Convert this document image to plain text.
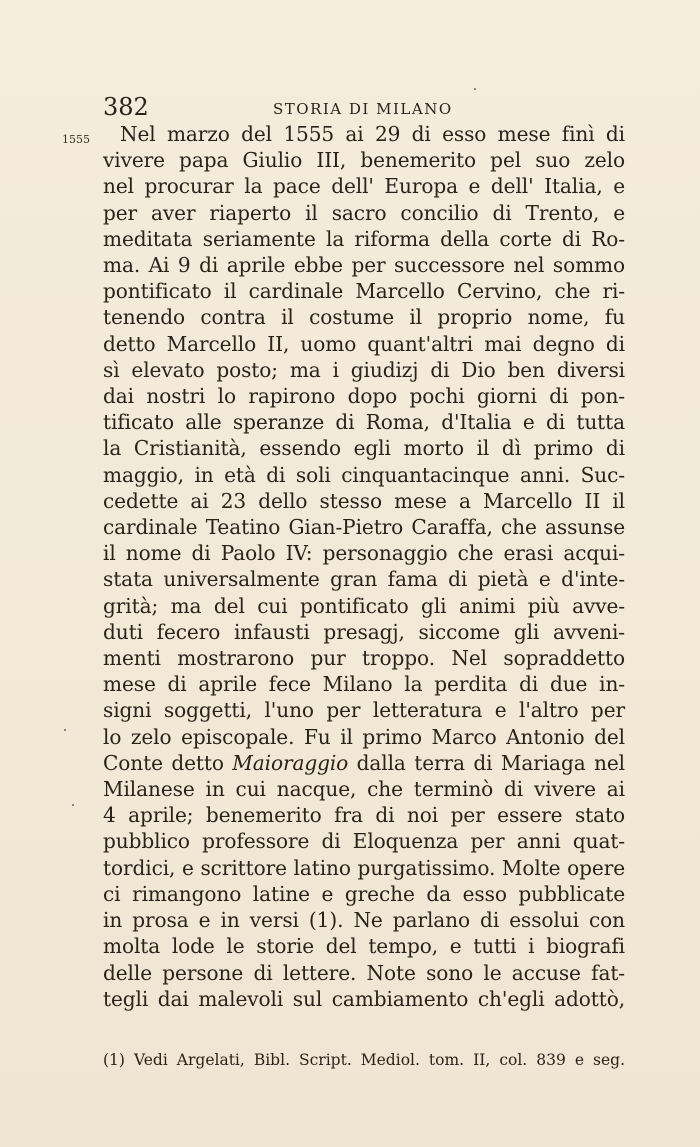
382	STORIA DI MILANO
1555	Nel marzo del 1555 ai 29 di esso mese finì di
vivere papa Giulio III, benemerito pel suo zelo
nel procurar la pace dell' Europa e dell' Italia, e
per aver riaperto il sacro concilio di Trento, e
meditata seriamente la riforma della corte di Ro-
ma. Ai 9 di aprile ebbe per successore nel sommo
pontificato il cardinale Marcello Cervino, che ri-
tenendo contra il costume il proprio nome, fu
detto Marcello II, uomo quant'altri mai degno di
sì elevato posto; ma i giudizj di Dio ben diversi
dai nostri lo rapirono dopo pochi giorni di pon-
tificato alle speranze di Roma, d'Italia e di tutta
la Cristianità, essendo egli morto il dì primo di
maggio, in età di soli cinquantacinque anni. Suc-
cedette ai 23 dello stesso mese a Marcello II il
cardinale Teatino Gian-Pietro Caraffa, che assunse
il nome di Paolo IV: personaggio che erasi acqui-
stata universalmente gran fama di pietà e d'inte-
grità; ma del cui pontificato gli animi più avve-
duti fecero infausti presagj, siccome gli avveni-
menti mostrarono pur troppo. Nel sopraddetto
mese di aprile fece Milano la perdita di due in-
signi soggetti, l'uno per letteratura e l'altro per
lo zelo episcopale. Fu il primo Marco Antonio del
Conte detto Maioraggio dalla terra di Mariaga nel
Milanese in cui nacque, che terminò di vivere ai
4 aprile; benemerito fra di noi per essere stato
pubblico professore di Eloquenza per anni quat-
tordici, e scrittore latino purgatissimo. Molte opere
ci rimangono latine e greche da esso pubblicate
in prosa e in versi (1). Ne parlano di essolui con
molta lode le storie del tempo, e tutti i biografi
delle persone di lettere. Note sono le accuse fat-
tegli dai malevoli sul cambiamento ch'egli adottò,
(1) Vedi Argelati, Bibl. Script. Mediol. tom. II, col. 839 e seg.
